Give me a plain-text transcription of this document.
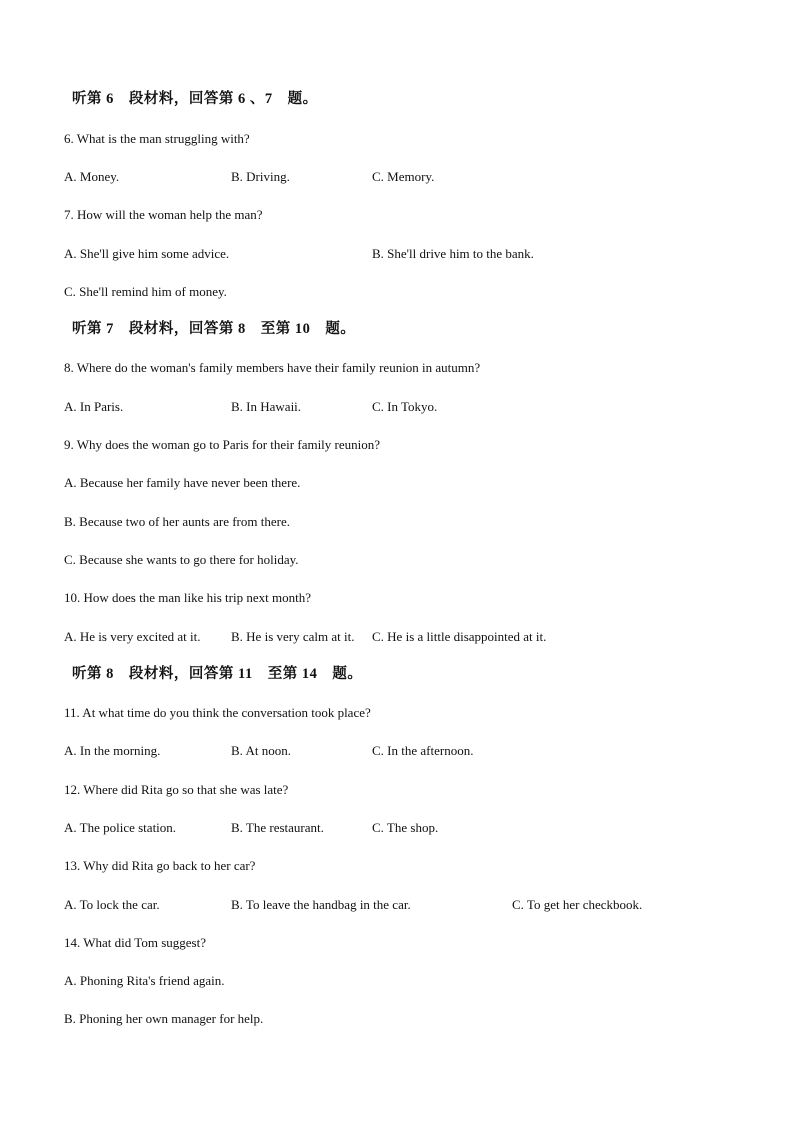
听第 6　段材料，回答第 6 、7　题。
6. What is the man struggling with?
A. Money.	B. Driving.	C. Memory.
7. How will the woman help the man?
A. She'll give him some advice.	B. She'll drive him to the bank.
C. She'll remind him of money.
听第 7　段材料，回答第 8　至第 10　题。
8. Where do the woman's family members have their family reunion in autumn?
A. In Paris.	B. In Hawaii.	C. In Tokyo.
9. Why does the woman go to Paris for their family reunion?
A. Because her family have never been there.
B. Because two of her aunts are from there.
C. Because she wants to go there for holiday.
10. How does the man like his trip next month?
A. He is very excited at it. B. He is very calm at it. C. He is a little disappointed at it.
听第 8　段材料，回答第 11　至第 14　题。
11. At what time do you think the conversation took place?
A. In the morning.	B. At noon.	C. In the afternoon.
12. Where did Rita go so that she was late?
A. The police station.	B. The restaurant.	C. The shop.
13. Why did Rita go back to her car?
A. To lock the car.	B. To leave the handbag in the car.	C. To get her checkbook.
14. What did Tom suggest?
A. Phoning Rita's friend again.
B. Phoning her own manager for help.
